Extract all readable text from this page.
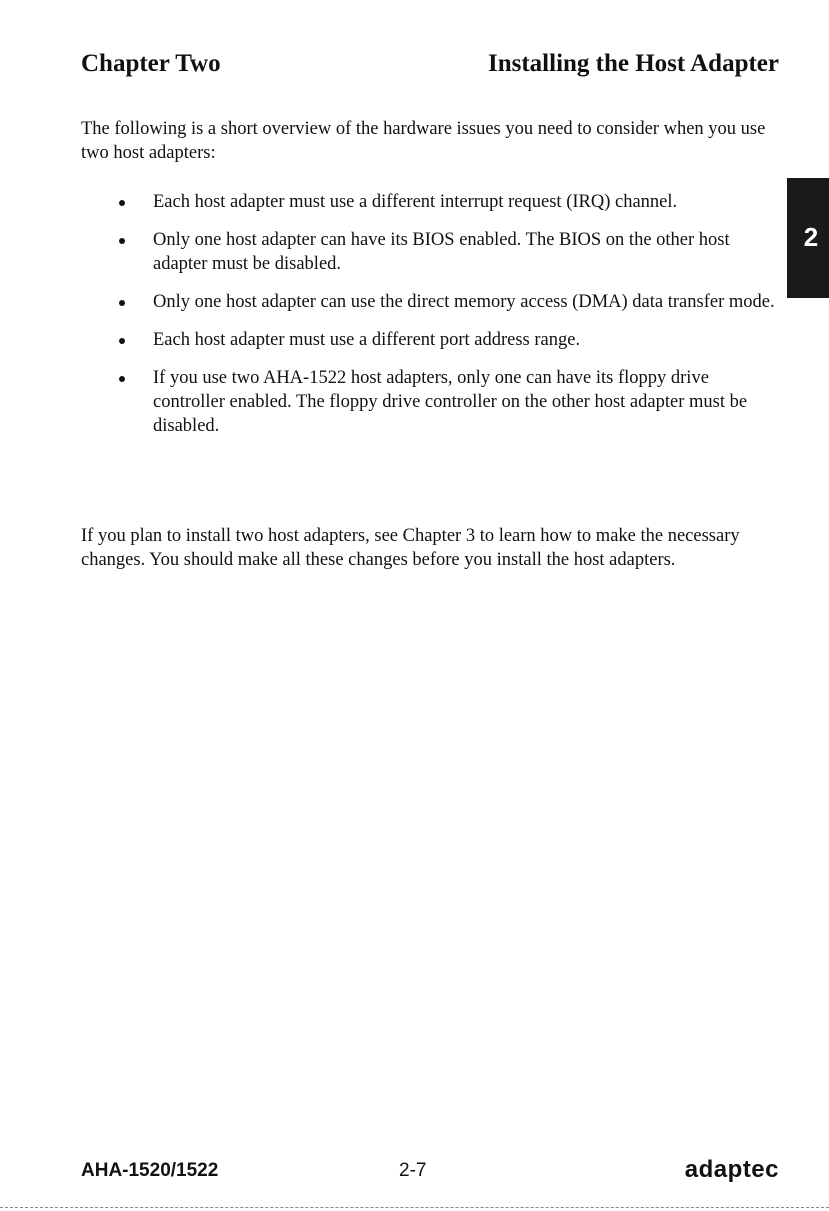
Chapter Two	Installing the Host Adapter

The following is a short overview of the hardware issues you need to consider when you use two host adapters:

Each host adapter must use a different interrupt request (IRQ) channel.
Only one host adapter can have its BIOS enabled. The BIOS on the other host adapter must be disabled.
Only one host adapter can use the direct memory access (DMA) data transfer mode.
Each host adapter must use a different port address range.
If you use two AHA-1522 host adapters, only one can have its floppy drive controller enabled. The floppy drive controller on the other host adapter must be disabled.

If you plan to install two host adapters, see Chapter 3 to learn how to make the necessary changes. You should make all these changes before you install the host adapters.

2
AHA-1520/1522	2-7	adaptec
